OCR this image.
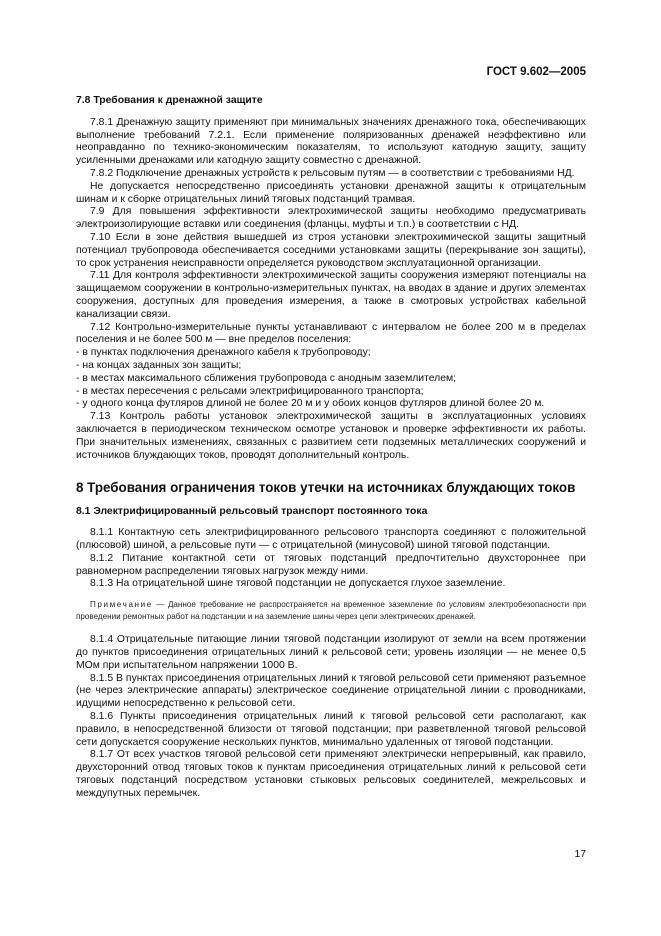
ГОСТ 9.602—2005
7.8 Требования к дренажной защите

7.8.1 Дренажную защиту применяют при минимальных значениях дренажного тока, обеспечивающих выполнение требований 7.2.1. Если применение поляризованных дренажей неэффективно или неоправданно по технико-экономическим показателям, то используют катодную защиту, защиту усиленными дренажами или катодную защиту совместно с дренажной.

7.8.2 Подключение дренажных устройств к рельсовым путям — в соответствии с требованиями НД.

Не допускается непосредственно присоединять установки дренажной защиты к отрицательным шинам и к сборке отрицательных линий тяговых подстанций трамвая.

7.9 Для повышения эффективности электрохимической защиты необходимо предусматривать электроизолирующие вставки или соединения (фланцы, муфты и т.п.) в соответствии с НД.

7.10 Если в зоне действия вышедшей из строя установки электрохимической защиты защитный потенциал трубопровода обеспечивается соседними установками защиты (перекрывание зон защиты), то срок устранения неисправности определяется руководством эксплуатационной организации.

7.11 Для контроля эффективности электрохимической защиты сооружения измеряют потенциалы на защищаемом сооружении в контрольно-измерительных пунктах, на вводах в здание и других элементах сооружения, доступных для проведения измерения, а также в смотровых устройствах кабельной канализации связи.

7.12 Контрольно-измерительные пункты устанавливают с интервалом не более 200 м в пределах поселения и не более 500 м — вне пределов поселения:

- в пунктах подключения дренажного кабеля к трубопроводу;
- на концах заданных зон защиты;
- в местах максимального сближения трубопровода с анодным заземлителем;
- в местах пересечения с рельсами электрифицированного транспорта;
- у одного конца футляров длиной не более 20 м и у обоих концов футляров длиной более 20 м.

7.13 Контроль работы установок электрохимической защиты в эксплуатационных условиях заключается в периодическом техническом осмотре установок и проверке эффективности их работы. При значительных изменениях, связанных с развитием сети подземных металлических сооружений и источников блуждающих токов, проводят дополнительный контроль.

8 Требования ограничения токов утечки на источниках блуждающих токов
8.1 Электрифицированный рельсовый транспорт постоянного тока

8.1.1 Контактную сеть электрифицированного рельсового транспорта соединяют с положительной (плюсовой) шиной, а рельсовые пути — с отрицательной (минусовой) шиной тяговой подстанции.

8.1.2 Питание контактной сети от тяговых подстанций предпочтительно двухстороннее при равномерном распределении тяговых нагрузок между ними.

8.1.3 На отрицательной шине тяговой подстанции не допускается глухое заземление.

Примечание — Данное требование не распространяется на временное заземление по условиям электробезопасности при проведении ремонтных работ на подстанции и на заземление шины через цепи электрических дренажей.

8.1.4 Отрицательные питающие линии тяговой подстанции изолируют от земли на всем протяжении до пунктов присоединения отрицательных линий к рельсовой сети; уровень изоляции — не менее 0,5 МОм при испытательном напряжении 1000 В.

8.1.5 В пунктах присоединения отрицательных линий к тяговой рельсовой сети применяют разъемное (не через электрические аппараты) электрическое соединение отрицательной линии с проводниками, идущими непосредственно к рельсовой сети.

8.1.6 Пункты присоединения отрицательных линий к тяговой рельсовой сети располагают, как правило, в непосредственной близости от тяговой подстанции; при разветвленной тяговой рельсовой сети допускается сооружение нескольких пунктов, минимально удаленных от тяговой подстанции.

8.1.7 От всех участков тяговой рельсовой сети применяют электрически непрерывный, как правило, двухсторонний отвод тяговых токов к пунктам присоединения отрицательных линий к рельсовой сети тяговых подстанций посредством установки стыковых рельсовых соединителей, межрельсовых и междупутных перемычек.

17
